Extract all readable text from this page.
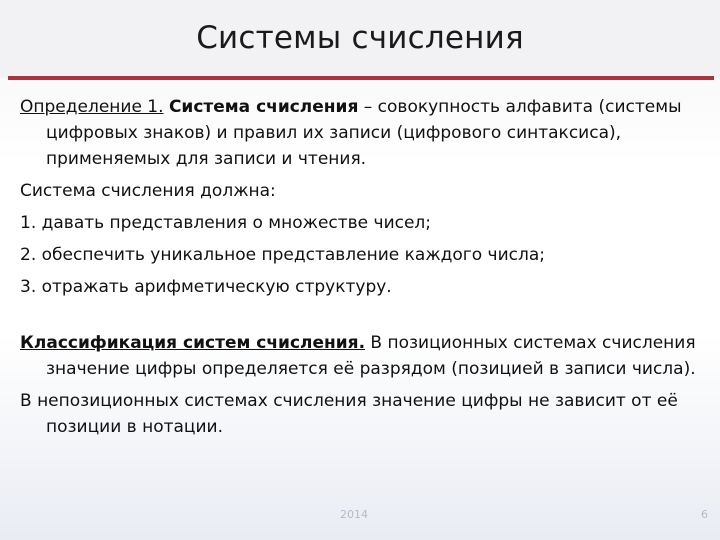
Системы счисления

Определение 1. Система счисления – совокупность алфавита (системы цифровых знаков) и правил их записи (цифрового синтаксиса), применяемых для записи и чтения.

Система счисления должна:

1. давать представления о множестве чисел;

2. обеспечить уникальное представление каждого числа;

3. отражать арифметическую структуру.

Классификация систем счисления. В позиционных системах счисления значение цифры определяется её разрядом (позицией в записи числа).

В непозиционных системах счисления значение цифры не зависит от её позиции в нотации.

2014	6
